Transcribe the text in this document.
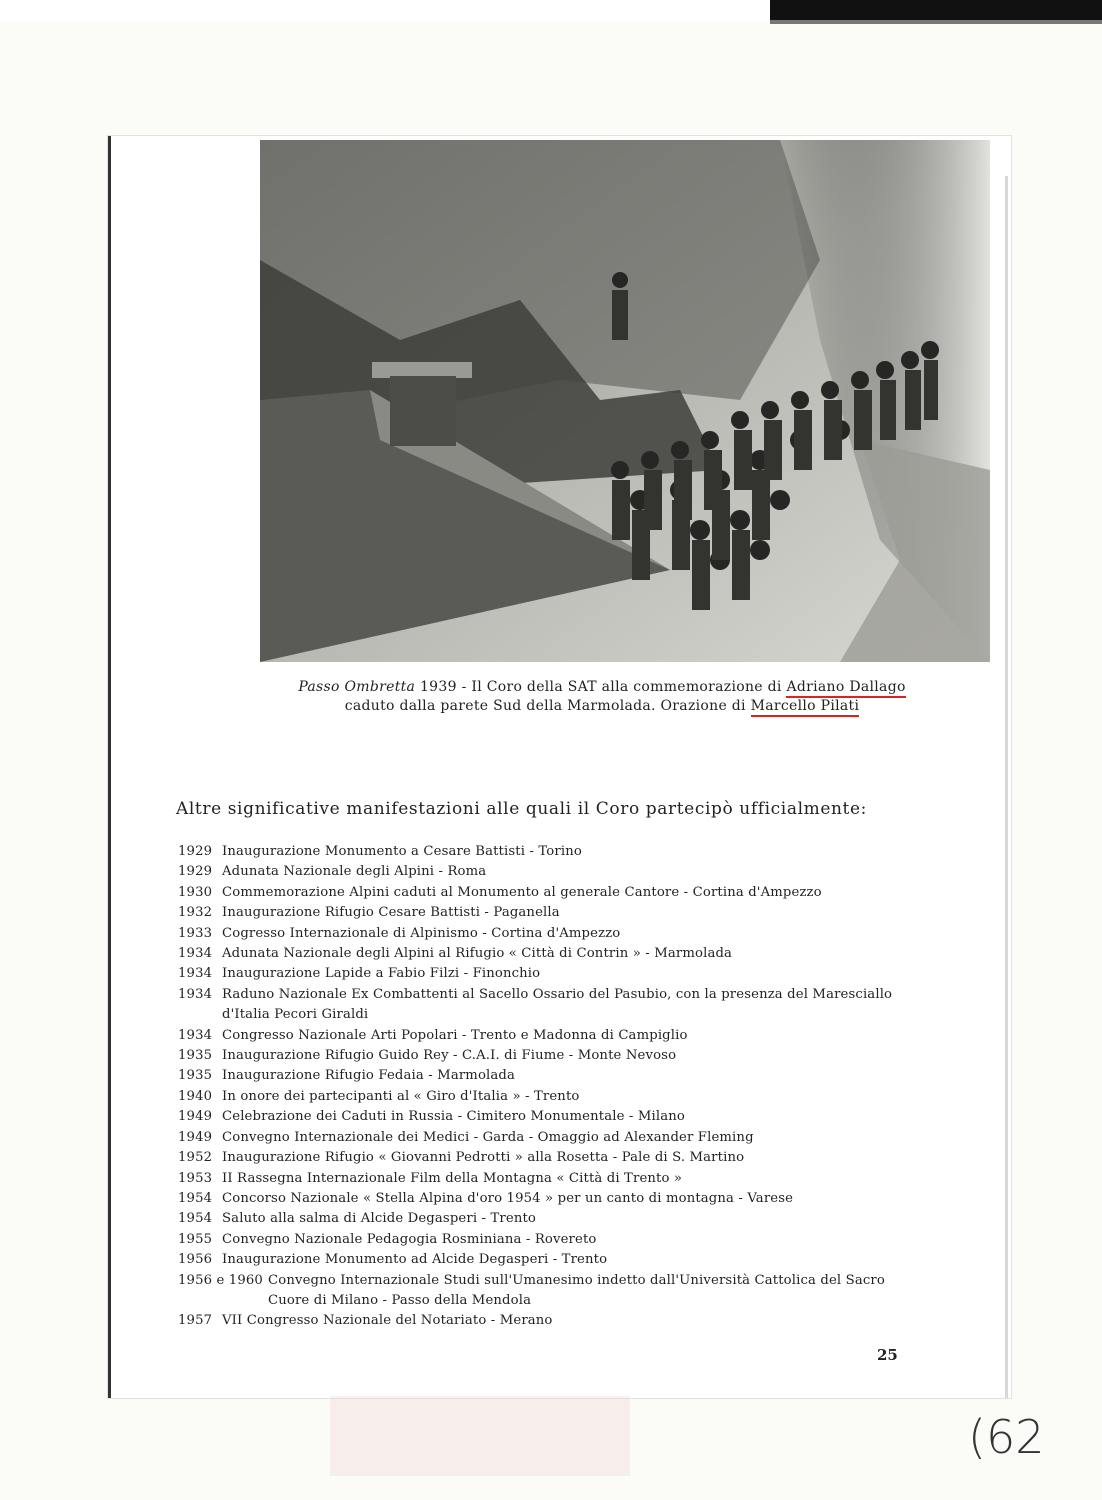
Passo Ombretta 1939 - Il Coro della SAT alla commemorazione di Adriano Dallago
caduto dalla parete Sud della Marmolada. Orazione di Marcello Pilati
Altre significative manifestazioni alle quali il Coro partecipò ufficialmente:
1929 Inaugurazione Monumento a Cesare Battisti - Torino
1929 Adunata Nazionale degli Alpini - Roma
1930 Commemorazione Alpini caduti al Monumento al generale Cantore - Cortina d'Ampezzo
1932 Inaugurazione Rifugio Cesare Battisti - Paganella
1933 Cogresso Internazionale di Alpinismo - Cortina d'Ampezzo
1934 Adunata Nazionale degli Alpini al Rifugio « Città di Contrin » - Marmolada
1934 Inaugurazione Lapide a Fabio Filzi - Finonchio
1934 Raduno Nazionale Ex Combattenti al Sacello Ossario del Pasubio, con la presenza del Maresciallo d'Italia Pecori Giraldi
1934 Congresso Nazionale Arti Popolari - Trento e Madonna di Campiglio
1935 Inaugurazione Rifugio Guido Rey - C.A.I. di Fiume - Monte Nevoso
1935 Inaugurazione Rifugio Fedaia - Marmolada
1940 In onore dei partecipanti al « Giro d'Italia » - Trento
1949 Celebrazione dei Caduti in Russia - Cimitero Monumentale - Milano
1949 Convegno Internazionale dei Medici - Garda - Omaggio ad Alexander Fleming
1952 Inaugurazione Rifugio « Giovanni Pedrotti » alla Rosetta - Pale di S. Martino
1953 II Rassegna Internazionale Film della Montagna « Città di Trento »
1954 Concorso Nazionale « Stella Alpina d'oro 1954 » per un canto di montagna - Varese
1954 Saluto alla salma di Alcide Degasperi - Trento
1955 Convegno Nazionale Pedagogia Rosminiana - Rovereto
1956 Inaugurazione Monumento ad Alcide Degasperi - Trento
1956 e 1960 Convegno Internazionale Studi sull'Umanesimo indetto dall'Università Cattolica del Sacro Cuore di Milano - Passo della Mendola
1957 VII Congresso Nazionale del Notariato - Merano
25
(62
